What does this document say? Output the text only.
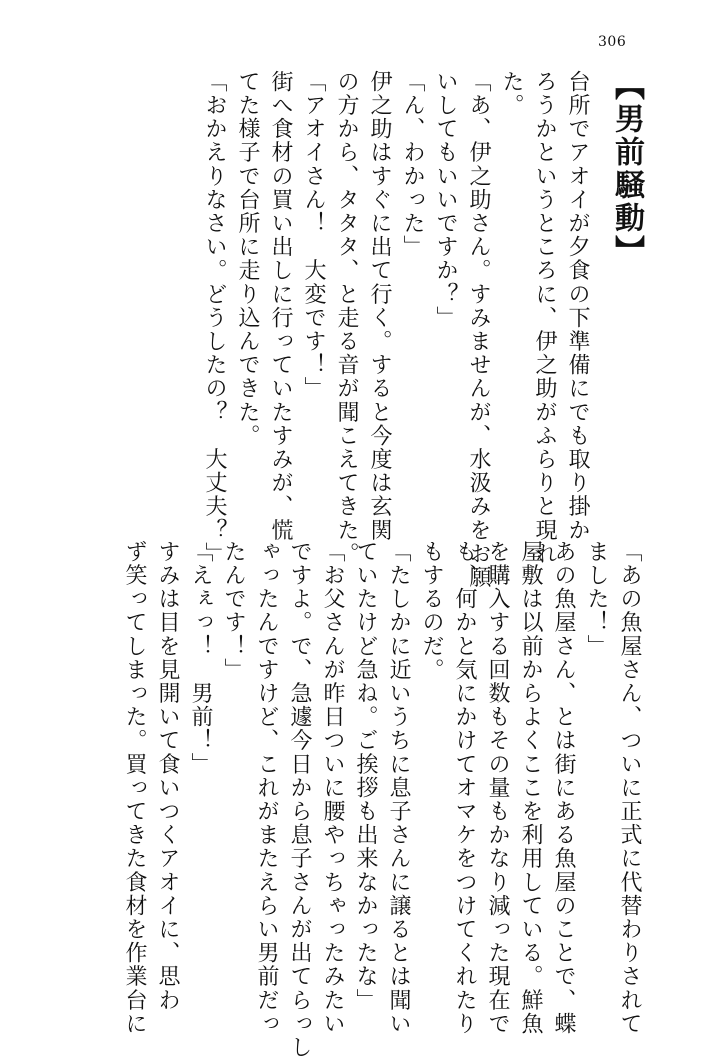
306
【男前騒動】
台所でアオイが夕食の下準備にでも取り掛か
ろうかというところに、伊之助がふらりと現れ
た。
「あ、伊之助さん。すみませんが、水汲みをお願
いしてもいいですか？」
「ん、わかった」
伊之助はすぐに出て行く。すると今度は玄関
の方から、タタタ、と走る音が聞こえてきた。
「アオイさん！　大変です！」
街へ食材の買い出しに行っていたすみが、慌
てた様子で台所に走り込んできた。
「おかえりなさい。どうしたの？　大丈夫？」
「あの魚屋さん、ついに正式に代替わりされて
ました！」
あの魚屋さん、とは街にある魚屋のことで、蝶
屋敷は以前からよくここを利用している。鮮魚
を購入する回数もその量もかなり減った現在で
も、何かと気にかけてオマケをつけてくれたり
もするのだ。
「たしかに近いうちに息子さんに譲るとは聞い
ていたけど急ね。ご挨拶も出来なかったな」
「お父さんが昨日ついに腰やっちゃったみたい
ですよ。で、急遽今日から息子さんが出てらっし
ゃったんですけど、これがまたえらい男前だっ
たんです！」
「えぇっ！　男前！」
すみは目を見開いて食いつくアオイに、思わ
ず笑ってしまった。買ってきた食材を作業台に
